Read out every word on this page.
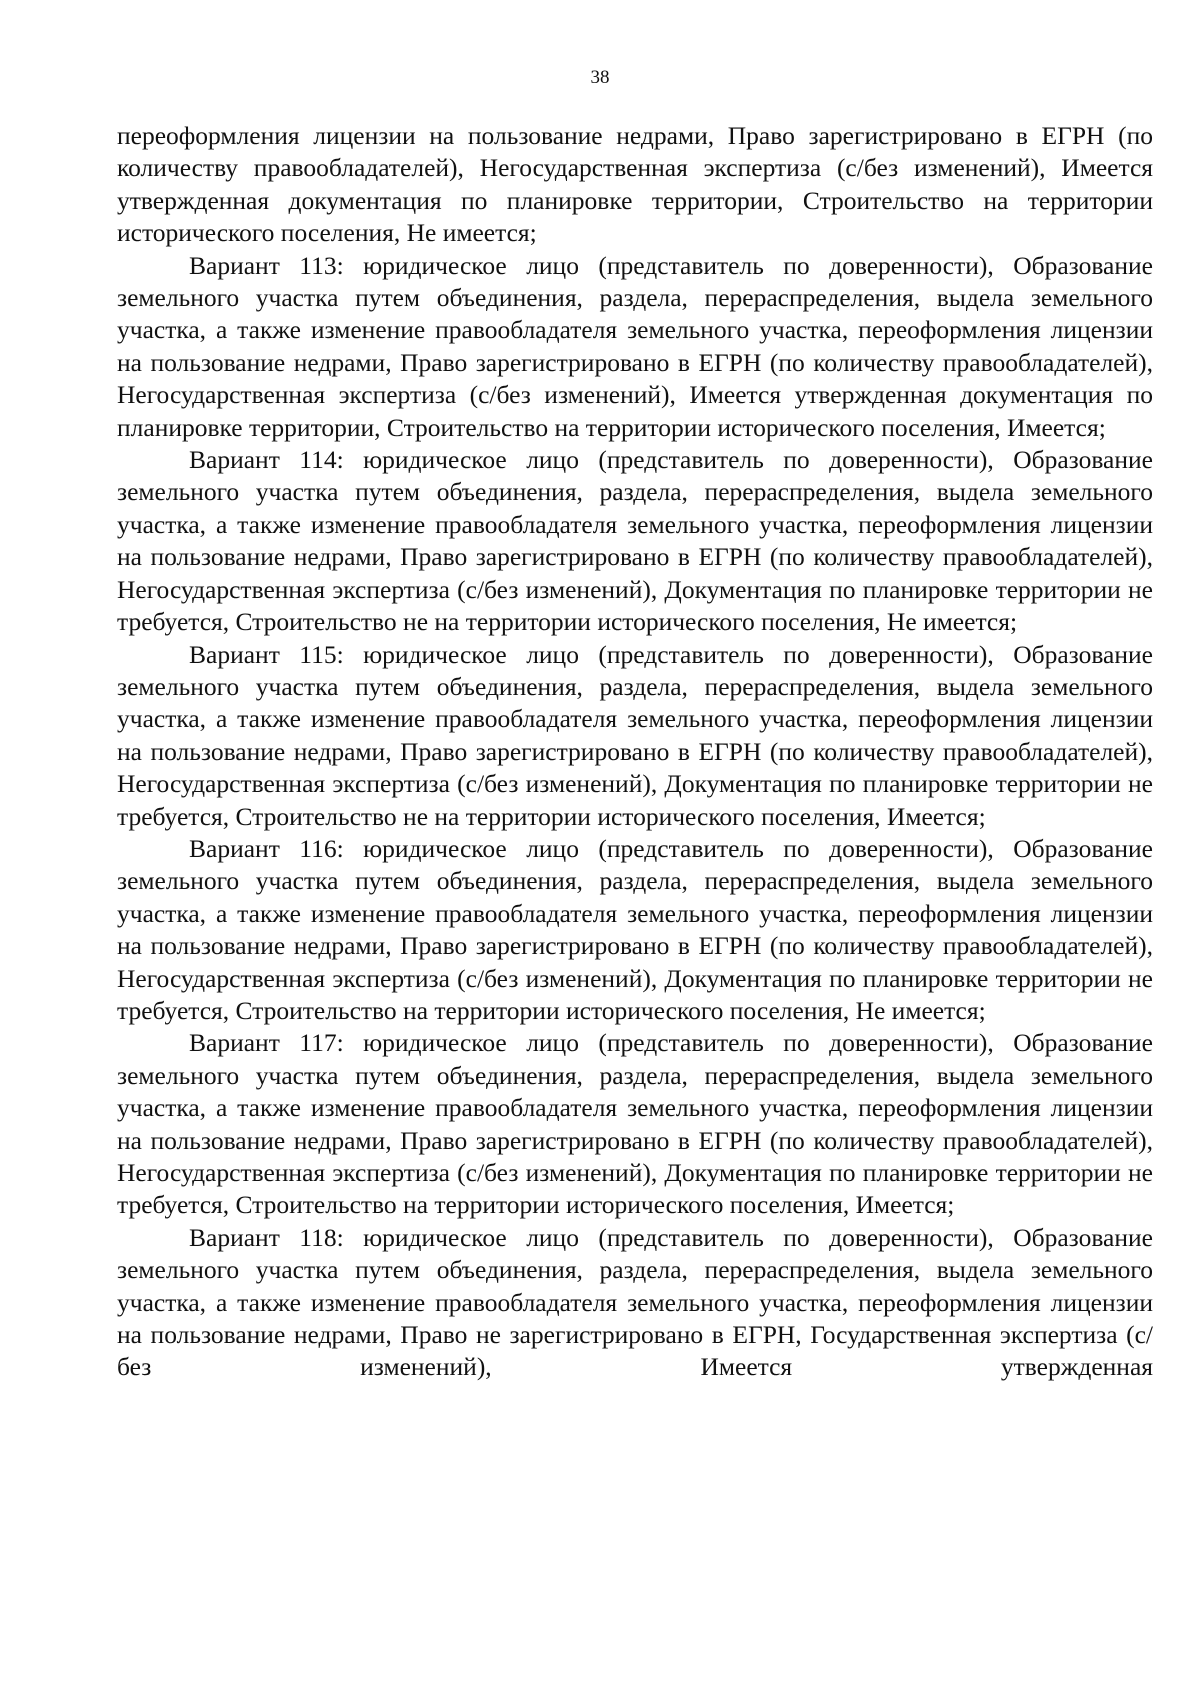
38

переоформления лицензии на пользование недрами, Право зарегистрировано в ЕГРН (по количеству правообладателей), Негосударственная экспертиза (с/без изменений), Имеется утвержденная документация по планировке территории, Строительство на территории исторического поселения, Не имеется;

Вариант 113: юридическое лицо (представитель по доверенности), Образование земельного участка путем объединения, раздела, перераспределения, выдела земельного участка, а также изменение правообладателя земельного участка, переоформления лицензии на пользование недрами, Право зарегистрировано в ЕГРН (по количеству правообладателей), Негосударственная экспертиза (с/без изменений), Имеется утвержденная документация по планировке территории, Строительство на территории исторического поселения, Имеется;

Вариант 114: юридическое лицо (представитель по доверенности), Образование земельного участка путем объединения, раздела, перераспределения, выдела земельного участка, а также изменение правообладателя земельного участка, переоформления лицензии на пользование недрами, Право зарегистрировано в ЕГРН (по количеству правообладателей), Негосударственная экспертиза (с/без изменений), Документация по планировке территории не требуется, Строительство не на территории исторического поселения, Не имеется;

Вариант 115: юридическое лицо (представитель по доверенности), Образование земельного участка путем объединения, раздела, перераспределения, выдела земельного участка, а также изменение правообладателя земельного участка, переоформления лицензии на пользование недрами, Право зарегистрировано в ЕГРН (по количеству правообладателей), Негосударственная экспертиза (с/без изменений), Документация по планировке территории не требуется, Строительство не на территории исторического поселения, Имеется;

Вариант 116: юридическое лицо (представитель по доверенности), Образование земельного участка путем объединения, раздела, перераспределения, выдела земельного участка, а также изменение правообладателя земельного участка, переоформления лицензии на пользование недрами, Право зарегистрировано в ЕГРН (по количеству правообладателей), Негосударственная экспертиза (с/без изменений), Документация по планировке территории не требуется, Строительство на территории исторического поселения, Не имеется;

Вариант 117: юридическое лицо (представитель по доверенности), Образование земельного участка путем объединения, раздела, перераспределения, выдела земельного участка, а также изменение правообладателя земельного участка, переоформления лицензии на пользование недрами, Право зарегистрировано в ЕГРН (по количеству правообладателей), Негосударственная экспертиза (с/без изменений), Документация по планировке территории не требуется, Строительство на территории исторического поселения, Имеется;

Вариант 118: юридическое лицо (представитель по доверенности), Образование земельного участка путем объединения, раздела, перераспределения, выдела земельного участка, а также изменение правообладателя земельного участка, переоформления лицензии на пользование недрами, Право не зарегистрировано в ЕГРН, Государственная экспертиза (с/без изменений), Имеется утвержденная
